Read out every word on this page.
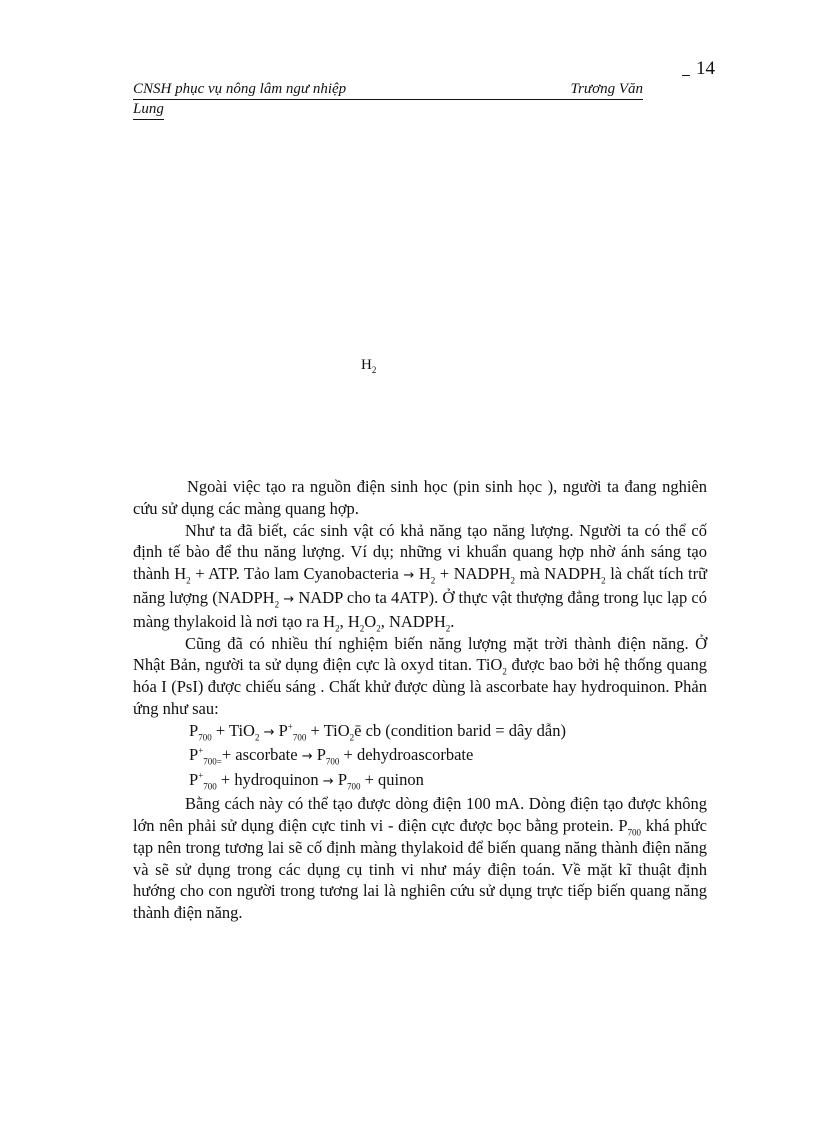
14
CNSH phục vụ nông lâm ngư nhiệp	Trương Văn
Lung
$H_2$

Ngoài việc tạo ra nguồn điện sinh học (pin sinh học ), người ta đang nghiên cứu sử dụng các màng quang hợp.

Như ta đã biết, các sinh vật có khả năng tạo năng lượng. Người ta có thể cố định tế bào để thu năng lượng. Ví dụ; những vi khuẩn quang hợp nhờ ánh sáng tạo thành $H_2$ + ATP. Tảo lam Cyanobacteria → $H_2$ + $NADPH_2$ mà $NADPH_2$ là chất tích trữ năng lượng ($NADPH_2$ → NADP cho ta 4ATP). Ở thực vật thượng đẳng trong lục lạp có màng thylakoid là nơi tạo ra $H_2$, $H_2O_2$, $NADPH_2$.

Cũng đã có nhiều thí nghiệm biến năng lượng mặt trời thành điện năng. Ở Nhật Bản, người ta sử dụng điện cực là oxyd titan. TiO$_2$ được bao bởi hệ thống quang hóa I (PsI) được chiếu sáng . Chất khử được dùng là ascorbate hay hydroquinon. Phản ứng như sau:

$P_{700} + TiO_2 \to P^+_{700}$ + TiO$_2$ē cb (condition barid = dây dẫn)

$P^+_{700=}+$ ascorbate → $P_{700}$ + dehydroascorbate

$P^+_{700}$ + hydroquinon → $P_{700}$ + quinon

Bằng cách này có thể tạo được dòng điện 100 mA. Dòng điện tạo được không lớn nên phải sử dụng điện cực tinh vi - điện cực được bọc bằng protein. $P_{700}$ khá phức tạp nên trong tương lai sẽ cố định màng thylakoid để biến quang năng thành điện năng và sẽ sử dụng trong các dụng cụ tinh vi như máy điện toán. Về mặt kĩ thuật định hướng cho con người trong tương lai là nghiên cứu sử dụng trực tiếp biến quang năng thành điện năng.
